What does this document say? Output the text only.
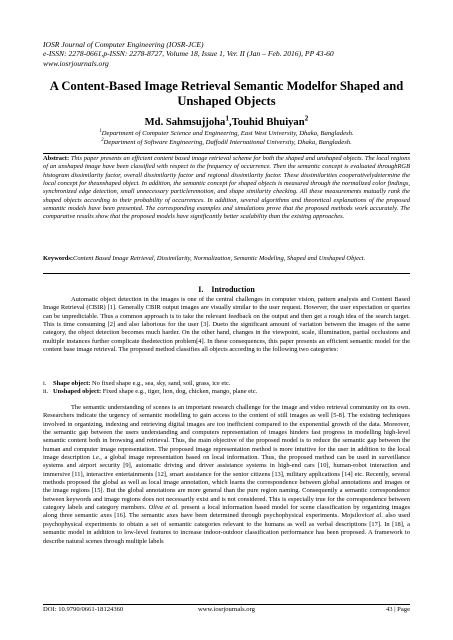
IOSR Journal of Computer Engineering (IOSR-JCE)
e-ISSN: 2278-0661,p-ISSN: 2278-8727, Volume 18, Issue 1, Ver. II (Jan – Feb. 2016), PP 43-60
www.iosrjournals.org
A Content-Based Image Retrieval Semantic Modelfor Shaped and Unshaped Objects
Md. Sahmsujjoha$^1$,Touhid Bhuiyan$^2$
$^1$Department of Computer Science and Engineering, East West University, Dhaka, Bangladesh.
$^2$Department of Software Engineering, Daffodil International University, Dhaka, Bangladesh.
Abstract: This paper presents an efficient content based image retrieval scheme for both the shaped and unshaped objects. The local regions of an unshaped image have been classified with respect to the frequency of occurrence. Then the semantic concept is evaluated throughRGB histogram dissimilarity factor, overall dissimilarity factor and regional dissimilarity factor. These dissimilarities cooperativelydetermine the local concept for theunshaped object. In addition, the semantic concept for shaped objects is measured through the normalized color findings, synchronized edge detection, small unnecessary particleremotion, and shape similarity checking. All these measurements mutually rank the shaped objects according to their probability of occurrences. In addition, several algorithms and theoretical explanations of the proposed semantic models have been presented. The corresponding examples and simulations prove that the proposed methods work accurately. The comparative results show that the proposed models have significantly better scalability than the existing approaches.
Keywords:Content Based Image Retrieval, Dissimilarity, Normalization, Semantic Modeling, Shaped and Unshaped Object.
I. Introduction
Automatic object detection in the images is one of the central challenges in computer vision, pattern analysis and Content Based Image Retrieval (CBIR) [1]. Generally CBIR output images are visually similar to the user request. However, the user expectation or queries can be unpredictable. Thus a common approach is to take the relevant feedback on the output and then get a rough idea of the search target. This is time consuming [2] and also laborious for the user [3]. Dueto the significant amount of variation between the images of the same category, the object detection becomes much harder. On the other hand, changes in the viewpoint, scale, illumination, partial occlusions and multiple instances further complicate thedetection problem[4]. In these consequences, this paper presents an efficient semantic model for the content base image retrieval. The proposed method classifies all objects according to the following two categories:
i. Shape object: No fixed shape e.g., sea, sky, sand, soil, grass, ice etc.
ii. Unshaped object: Fixed shape e.g., tiger, lion, dog, chicken, mango, plane etc.
The semantic understanding of scenes is an important research challenge for the image and video retrieval community on its own. Researchers indicate the urgency of semantic modelling to gain access to the content of still images as well [5-8]. The existing techniques involved in organizing, indexing and retrieving digital images are too inefficient compared to the exponential growth of the data. Moreover, the semantic gap between the users understanding and computers representation of images hinders fast progress in modelling high-level semantic content both in browsing and retrieval. Thus, the main objective of the proposed model is to reduce the semantic gap between the human and computer image representation. The proposed image representation method is more intuitive for the user in addition to the local image description i.e., a global image representation based on local information. Thus, the proposed method can be used in surveillance systems and airport security [9], automatic driving and driver assistance systems in high-end cars [10], human-robot interaction and immersive [11], interactive entertainments [12], smart assistance for the senior citizens [13], military applications [14] etc. Recently, several methods proposed the global as well as local image annotation, which learns the correspondence between global annotations and images or the image regions [15]. But the global annotations are more general than the pure region naming. Consequently a semantic correspondence between keywords and image regions does not necessarily exist and is not considered. This is especially true for the correspondence between category labels and category members. Oliva et al. present a local information based model for scene classification by organizing images along three semantic axes [16]. The semantic axes have been determined through psychophysical experiments. Mojsilovicet al. also used psychophysical experiments to obtain a set of semantic categories relevant to the humans as well as verbal descriptions [17]. In [18], a semantic model in addition to low-level features to increase indoor-outdoor classification performance has been proposed. A framework to describe natural scenes through multiple labels
DOI: 10.9790/0661-18124360	www.iosrjournals.org	43 | Page
